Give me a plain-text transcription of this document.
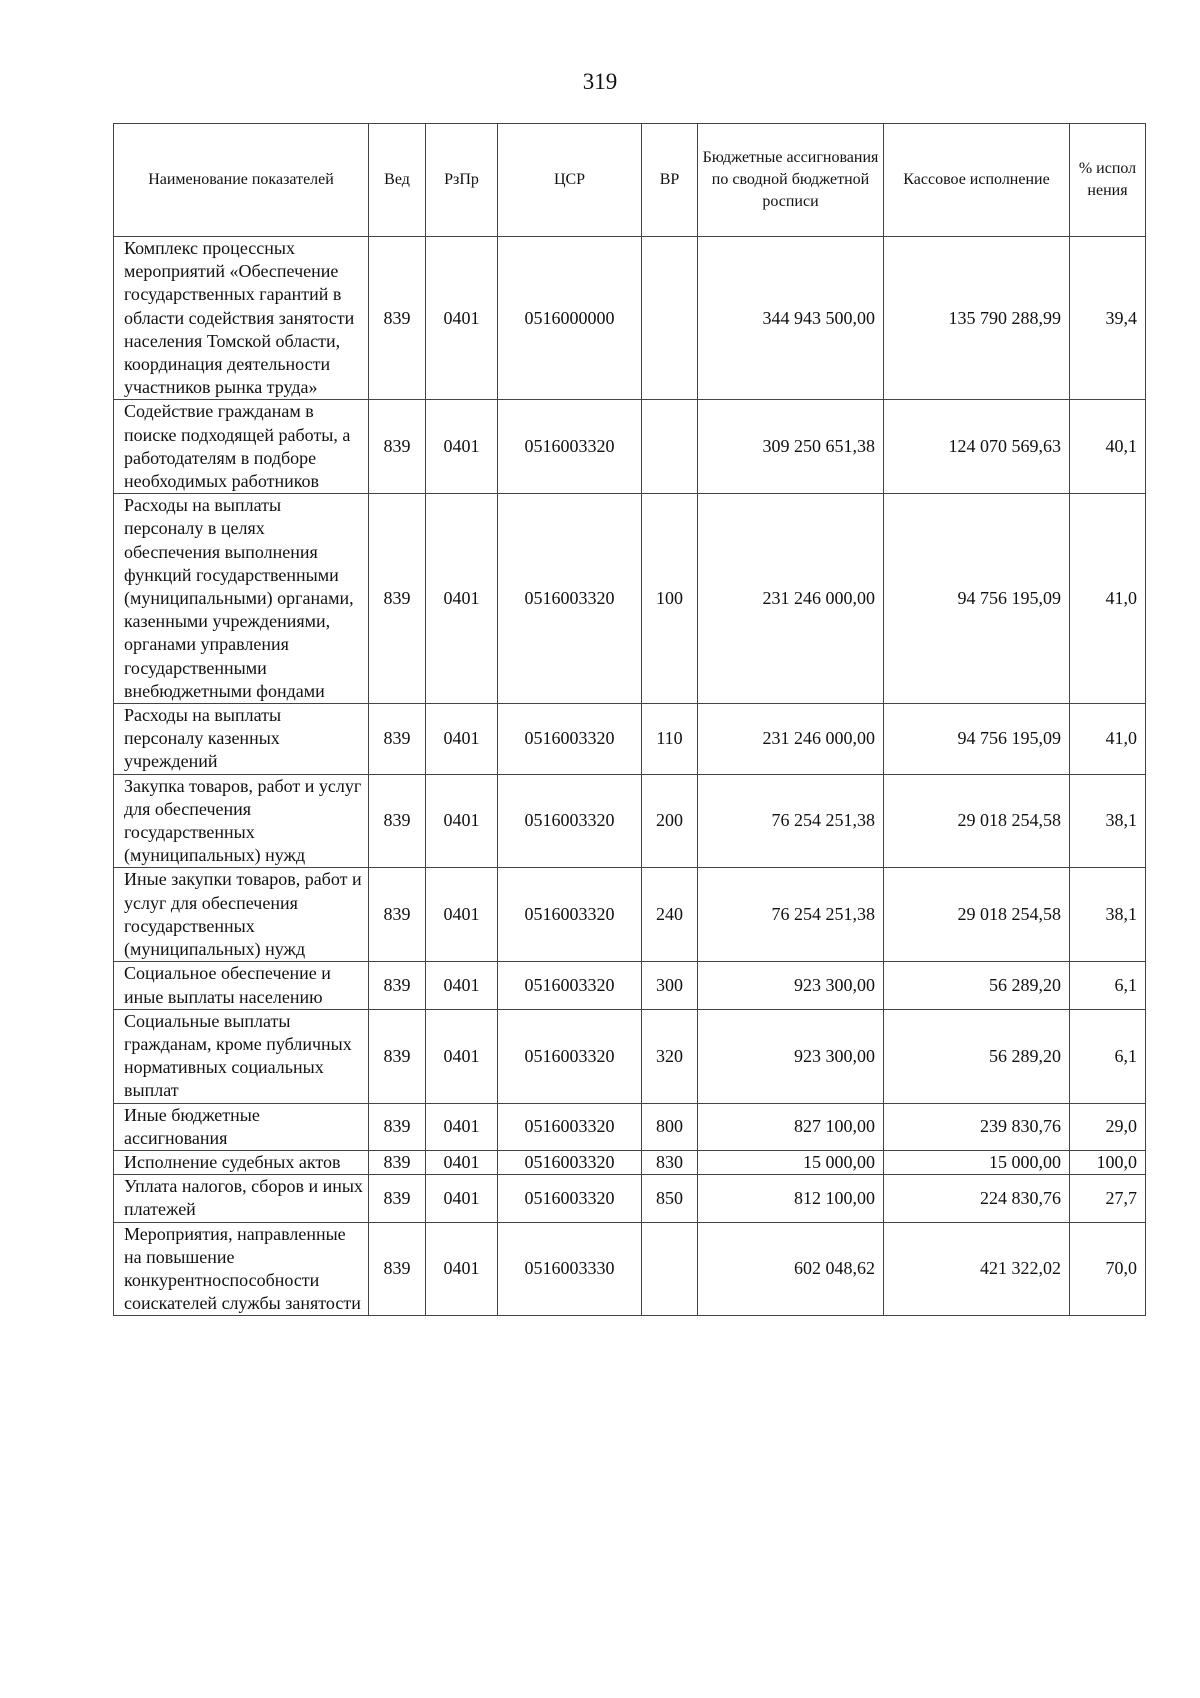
319
Наименование показателей	Вед	РзПр	ЦСР	ВР	Бюджетные ассигнования по сводной бюджетной росписи	Кассовое исполнение	% испол нения
Комплекс процессных мероприятий «Обеспечение государственных гарантий в области содействия занятости населения Томской области, координация деятельности участников рынка труда»	839	0401	0516000000		344 943 500,00	135 790 288,99	39,4
Содействие гражданам в поиске подходящей работы, а работодателям в подборе необходимых работников	839	0401	0516003320		309 250 651,38	124 070 569,63	40,1
Расходы на выплаты персоналу в целях обеспечения выполнения функций государственными (муниципальными) органами, казенными учреждениями, органами управления государственными внебюджетными фондами	839	0401	0516003320	100	231 246 000,00	94 756 195,09	41,0
Расходы на выплаты персоналу казенных учреждений	839	0401	0516003320	110	231 246 000,00	94 756 195,09	41,0
Закупка товаров, работ и услуг для обеспечения государственных (муниципальных) нужд	839	0401	0516003320	200	76 254 251,38	29 018 254,58	38,1
Иные закупки товаров, работ и услуг для обеспечения государственных (муниципальных) нужд	839	0401	0516003320	240	76 254 251,38	29 018 254,58	38,1
Социальное обеспечение и иные выплаты населению	839	0401	0516003320	300	923 300,00	56 289,20	6,1
Социальные выплаты гражданам, кроме публичных нормативных социальных выплат	839	0401	0516003320	320	923 300,00	56 289,20	6,1
Иные бюджетные ассигнования	839	0401	0516003320	800	827 100,00	239 830,76	29,0
Исполнение судебных актов	839	0401	0516003320	830	15 000,00	15 000,00	100,0
Уплата налогов, сборов и иных платежей	839	0401	0516003320	850	812 100,00	224 830,76	27,7
Мероприятия, направленные на повышение конкурентноспособности соискателей службы занятости	839	0401	0516003330		602 048,62	421 322,02	70,0
